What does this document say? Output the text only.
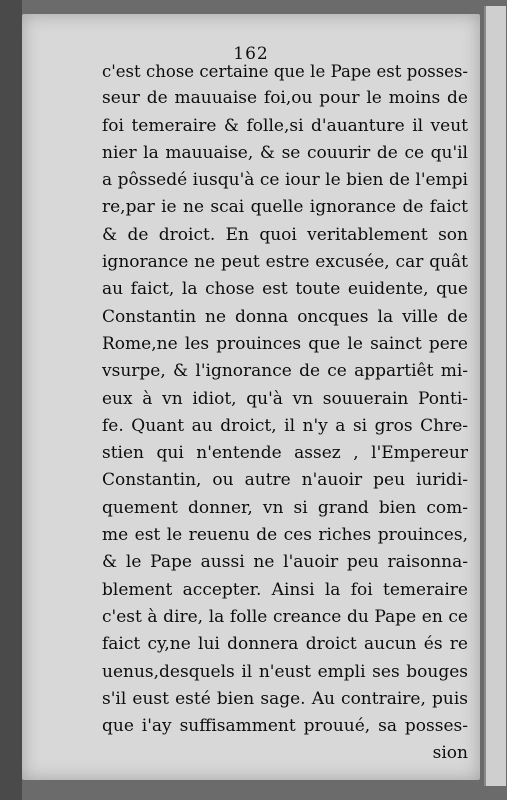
162
c'est chose certaine que le Pape est posses-
seur de mauuaise foi,ou pour le moins de
foi temeraire & folle,si d'auanture il veut
nier la mauuaise, & se couurir de ce qu'il
a pôssedé iusqu'à ce iour le bien de l'empi
re,par ie ne scai quelle ignorance de faict
& de droict. En quoi veritablement son
ignorance ne peut estre excusée, car quât
au faict, la chose est toute euidente, que
Constantin ne donna oncques la ville de
Rome,ne les prouinces que le sainct pere
vsurpe, & l'ignorance de ce appartiêt mi-
eux à vn idiot, qu'à vn souuerain Ponti-
fe. Quant au droict, il n'y a si gros Chre-
stien qui n'entende assez , l'Empereur
Constantin, ou autre n'auoir peu iuridi-
quement donner, vn si grand bien com-
me est le reuenu de ces riches prouinces,
& le Pape aussi ne l'auoir peu raisonna-
blement accepter. Ainsi la foi temeraire
c'est à dire, la folle creance du Pape en ce
faict cy,ne lui donnera droict aucun és re
uenus,desquels il n'eust empli ses bouges
s'il eust esté bien sage. Au contraire, puis
que i'ay suffisamment prouué, sa posses-
sion
